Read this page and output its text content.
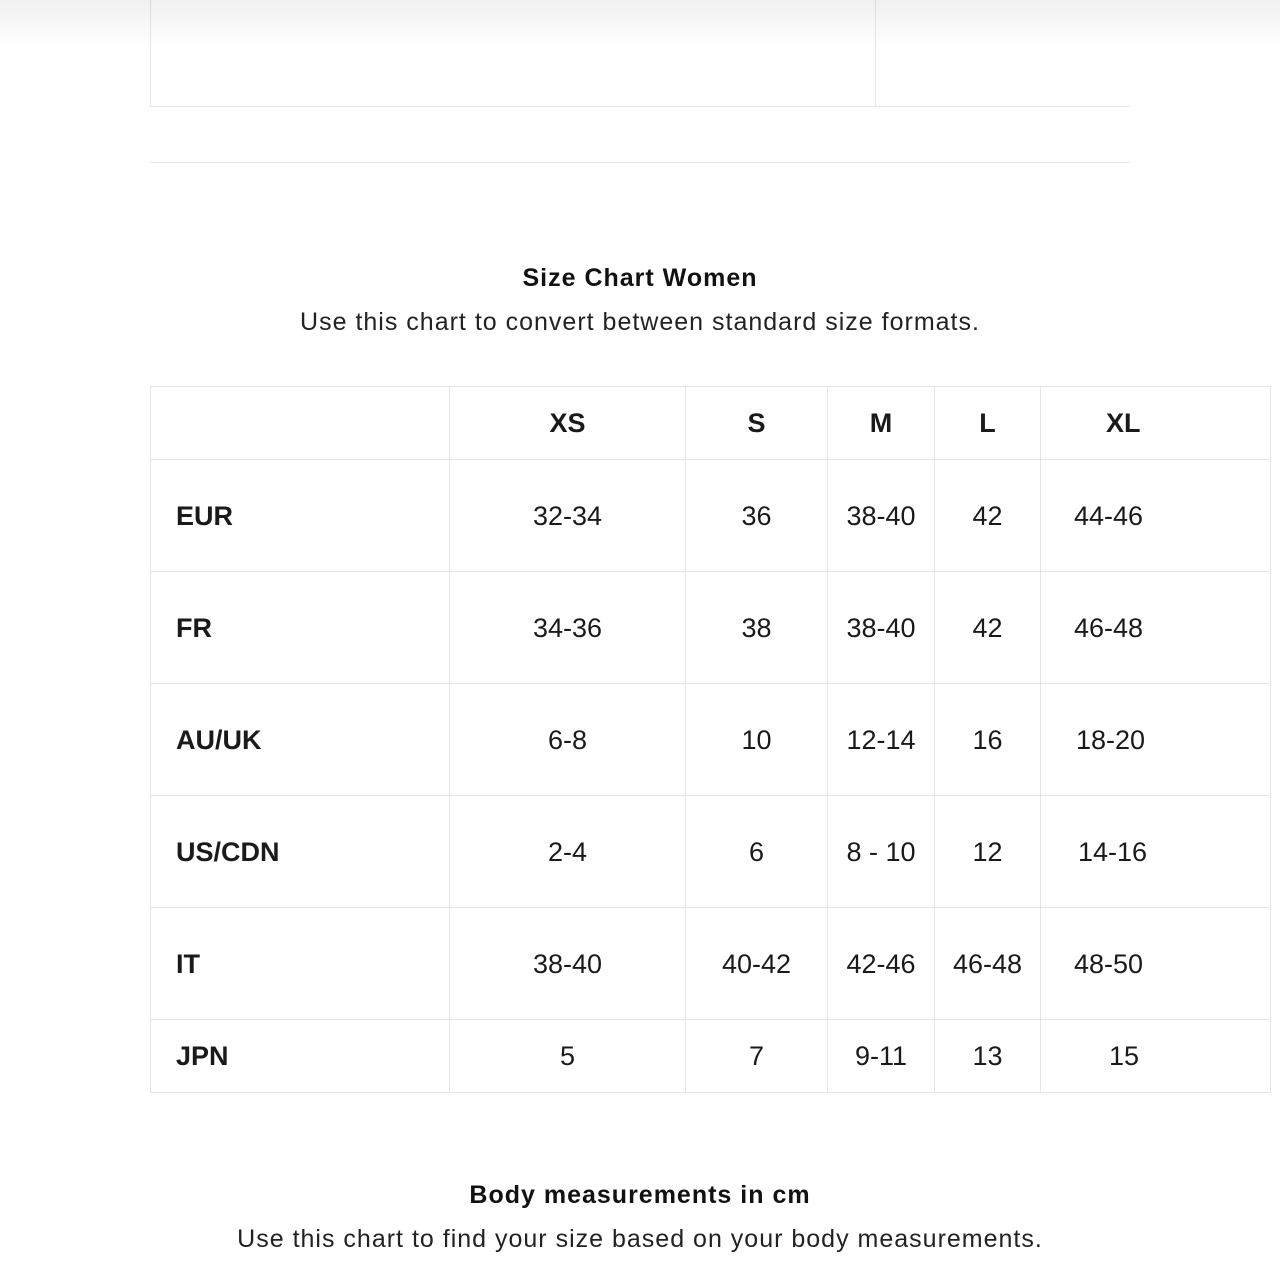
Size Chart Women
Use this chart to convert between standard size formats.
	XS	S	M	L	XL
EUR	32-34	36	38-40	42	44-46
FR	34-36	38	38-40	42	46-48
AU/UK	6-8	10	12-14	16	18-20
US/CDN	2-4	6	8 - 10	12	14-16
IT	38-40	40-42	42-46	46-48	48-50
JPN	5	7	9-11	13	15
Body measurements in cm
Use this chart to find your size based on your body measurements.
